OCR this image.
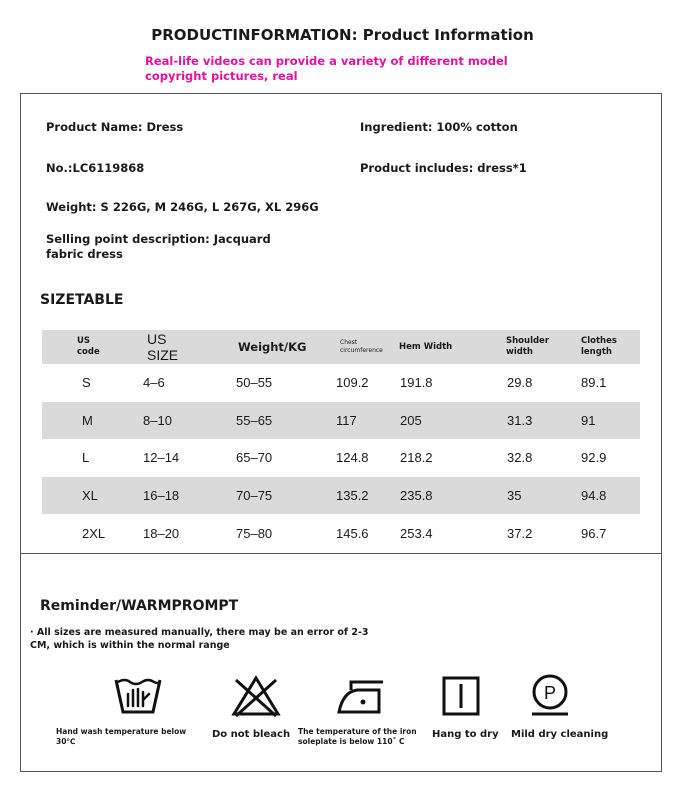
PRODUCTINFORMATION: Product Information
Real-life videos can provide a variety of different model copyright pictures, real
Product Name: Dress	Ingredient: 100% cotton
No.:LC6119868	Product includes: dress*1
Weight: S 226G, M 246G, L 267G, XL 296G
Selling point description: Jacquard fabric dress
SIZETABLE
US code	US SIZE	Weight/KG	Chest circumference	Hem Width	Shoulder width	Clothes length
S	4–6	50–55	109.2	191.8	29.8	89.1
M	8–10	55–65	117	205	31.3	91
L	12–14	65–70	124.8	218.2	32.8	92.9
XL	16–18	70–75	135.2	235.8	35	94.8
2XL	18–20	75–80	145.6	253.4	37.2	96.7
Reminder/WARMPROMPT
· All sizes are measured manually, there may be an error of 2-3 CM, which is within the normal range
P
Hand wash temperature below 30℃
Do not bleach The temperature of the iron soleplate is below 110˚ C
Hang to dry Mild dry cleaning
